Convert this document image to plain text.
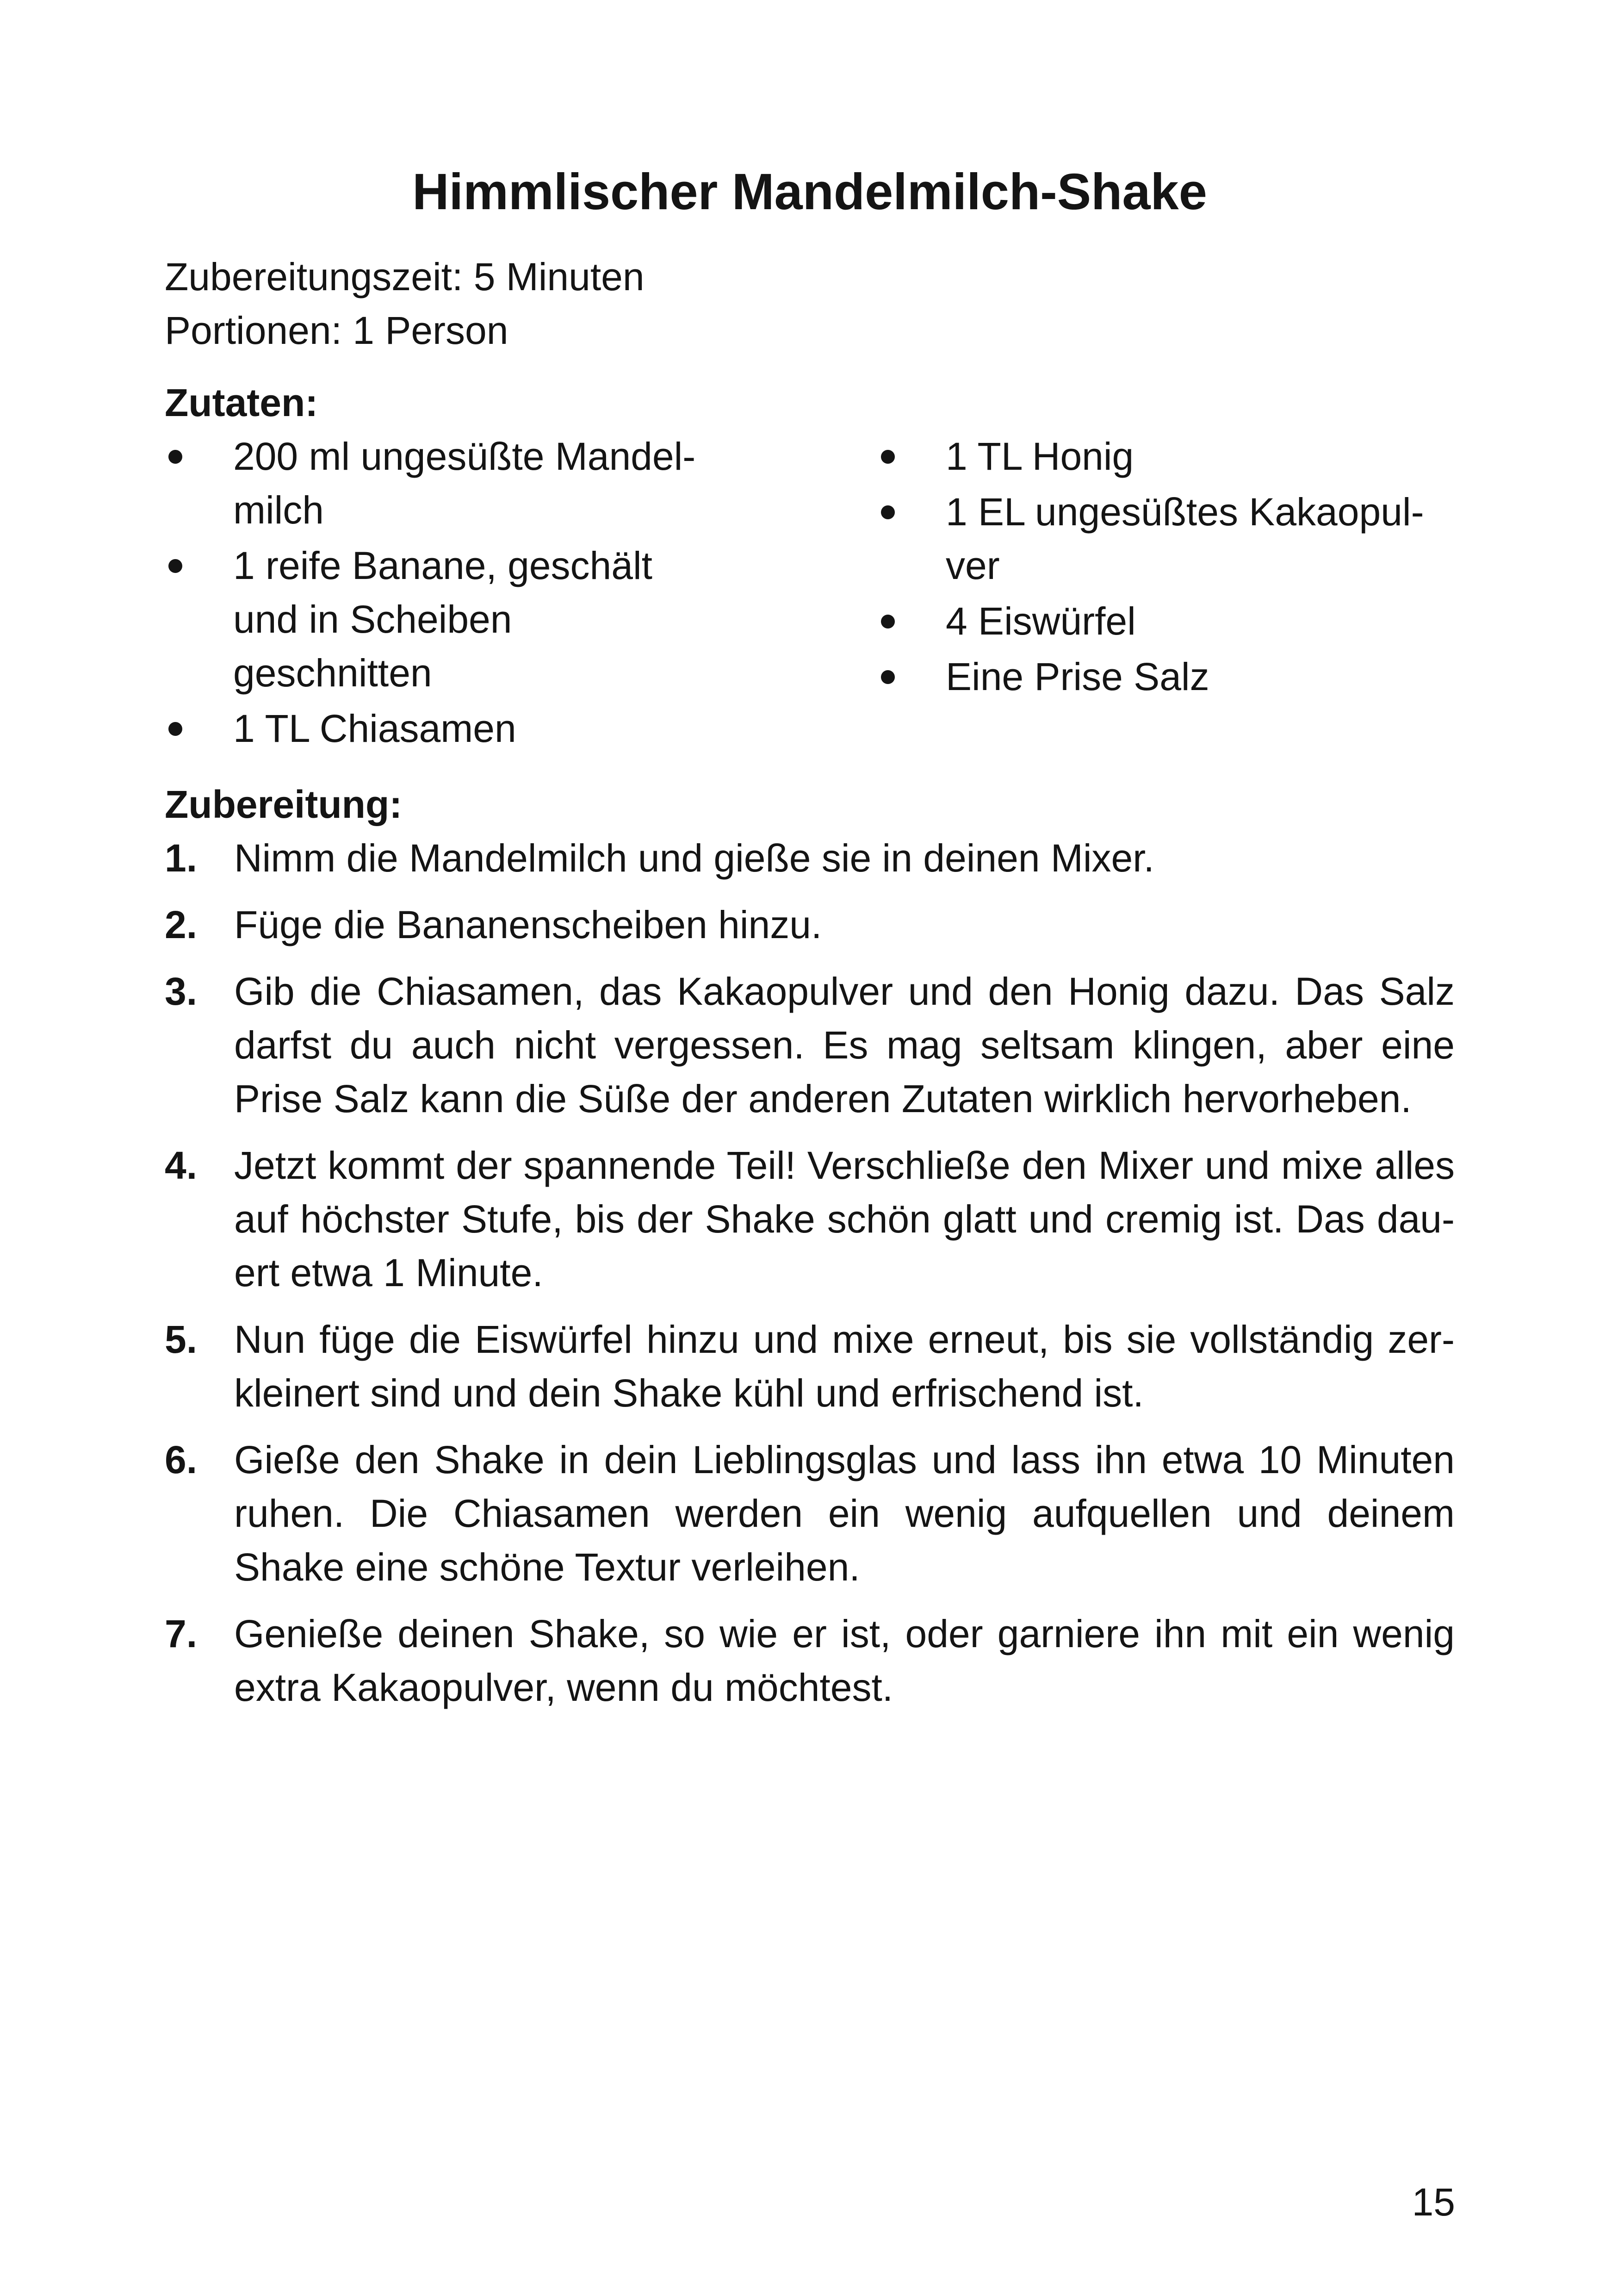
Himmlischer Mandelmilch-Shake
Zubereitungszeit: 5 Minuten
Portionen: 1 Person
Zutaten:
200 ml ungesüßte Mandel-milch
1 reife Banane, geschält und in Scheiben geschnitten
1 TL Chiasamen
1 TL Honig
1 EL ungesüßtes Kakaopul-ver
4 Eiswürfel
Eine Prise Salz
Zubereitung:
1. Nimm die Mandelmilch und gieße sie in deinen Mixer.
2. Füge die Bananenscheiben hinzu.
3. Gib die Chiasamen, das Kakaopulver und den Honig dazu. Das Salz darfst du auch nicht vergessen. Es mag seltsam klingen, aber eine Prise Salz kann die Süße der anderen Zutaten wirklich hervorheben.
4. Jetzt kommt der spannende Teil! Verschließe den Mixer und mixe alles auf höchster Stufe, bis der Shake schön glatt und cremig ist. Das dau-ert etwa 1 Minute.
5. Nun füge die Eiswürfel hinzu und mixe erneut, bis sie vollständig zer-kleinert sind und dein Shake kühl und erfrischend ist.
6. Gieße den Shake in dein Lieblingsglas und lass ihn etwa 10 Minuten ruhen. Die Chiasamen werden ein wenig aufquellen und deinem Shake eine schöne Textur verleihen.
7. Genieße deinen Shake, so wie er ist, oder garniere ihn mit ein wenig extra Kakaopulver, wenn du möchtest.
15
